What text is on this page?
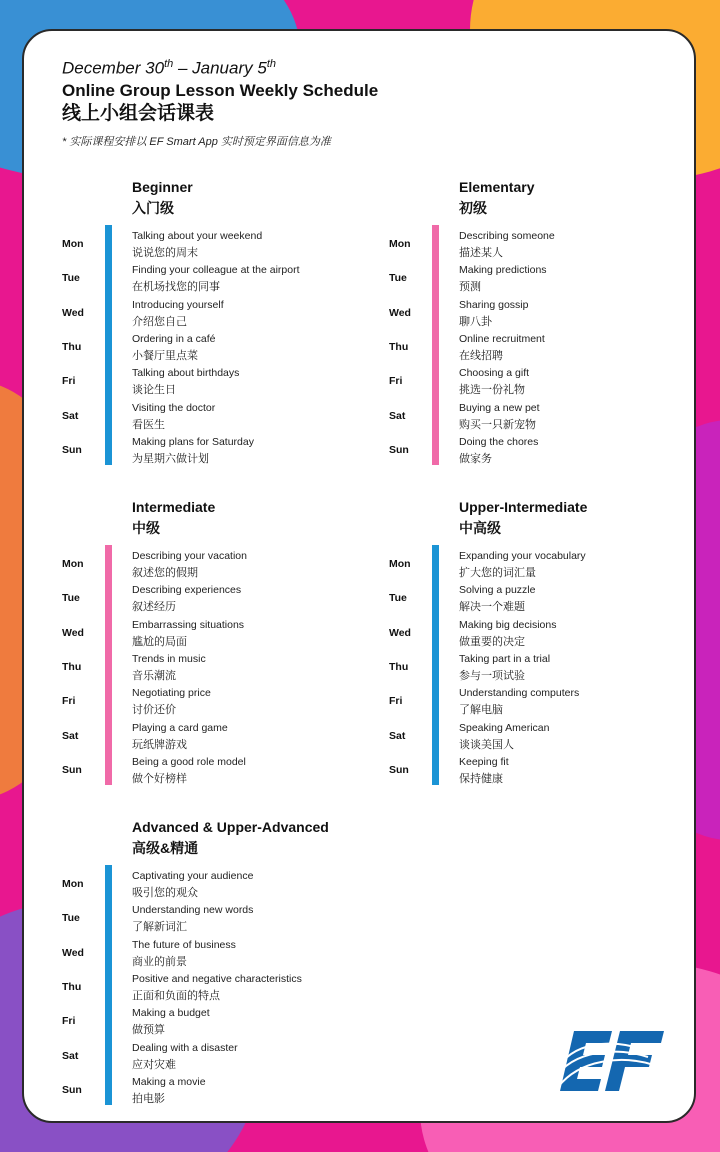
December 30th – January 5th
Online Group Lesson Weekly Schedule
线上小组会话课表
* 实际课程安排以 EF Smart App 实时预定界面信息为准
Beginner
入门级
Mon
Talking about your weekend
说说您的周末
Tue
Finding your colleague at the airport
在机场找您的同事
Wed
Introducing yourself
介绍您自己
Thu
Ordering in a café
小餐厅里点菜
Fri
Talking about birthdays
谈论生日
Sat
Visiting the doctor
看医生
Sun
Making plans for Saturday
为星期六做计划
Elementary
初级
Mon
Describing someone
描述某人
Tue
Making predictions
预测
Wed
Sharing gossip
聊八卦
Thu
Online recruitment
在线招聘
Fri
Choosing a gift
挑选一份礼物
Sat
Buying a new pet
购买一只新宠物
Sun
Doing the chores
做家务
Intermediate
中级
Mon
Describing your vacation
叙述您的假期
Tue
Describing experiences
叙述经历
Wed
Embarrassing situations
尴尬的局面
Thu
Trends in music
音乐潮流
Fri
Negotiating price
讨价还价
Sat
Playing a card game
玩纸牌游戏
Sun
Being a good role model
做个好榜样
Upper-Intermediate
中高级
Mon
Expanding your vocabulary
扩大您的词汇量
Tue
Solving a puzzle
解决一个难题
Wed
Making big decisions
做重要的决定
Thu
Taking part in a trial
参与一项试验
Fri
Understanding computers
了解电脑
Sat
Speaking American
谈谈美国人
Sun
Keeping fit
保持健康
Advanced & Upper-Advanced
高级&精通
Mon
Captivating your audience
吸引您的观众
Tue
Understanding new words
了解新词汇
Wed
The future of business
商业的前景
Thu
Positive and negative characteristics
正面和负面的特点
Fri
Making a budget
做预算
Sat
Dealing with a disaster
应对灾难
Sun
Making a movie
拍电影
